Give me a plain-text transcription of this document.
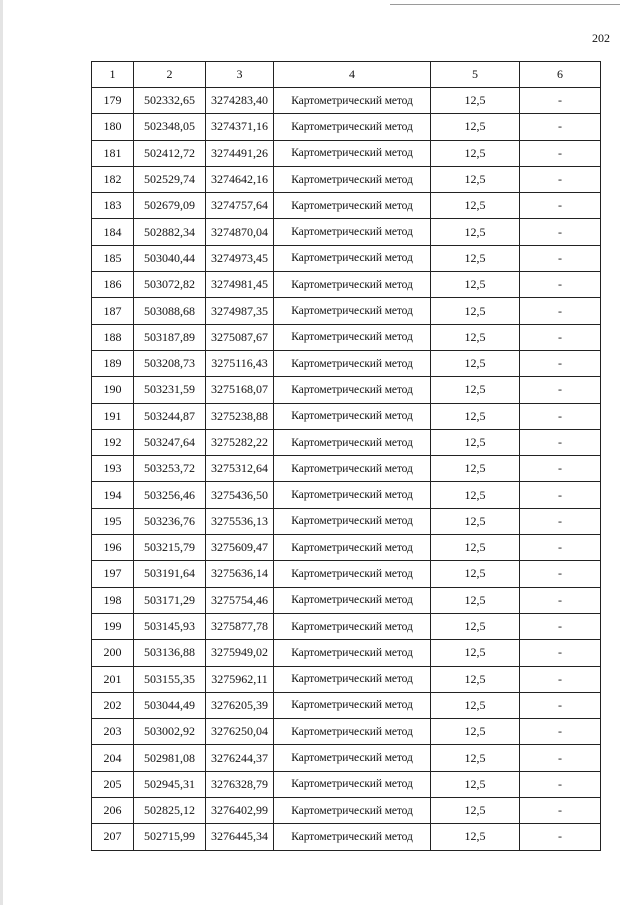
202
1	2	3	4	5	6
179	502332,65	3274283,40	Картометрический метод	12,5	-
180	502348,05	3274371,16	Картометрический метод	12,5	-
181	502412,72	3274491,26	Картометрический метод	12,5	-
182	502529,74	3274642,16	Картометрический метод	12,5	-
183	502679,09	3274757,64	Картометрический метод	12,5	-
184	502882,34	3274870,04	Картометрический метод	12,5	-
185	503040,44	3274973,45	Картометрический метод	12,5	-
186	503072,82	3274981,45	Картометрический метод	12,5	-
187	503088,68	3274987,35	Картометрический метод	12,5	-
188	503187,89	3275087,67	Картометрический метод	12,5	-
189	503208,73	3275116,43	Картометрический метод	12,5	-
190	503231,59	3275168,07	Картометрический метод	12,5	-
191	503244,87	3275238,88	Картометрический метод	12,5	-
192	503247,64	3275282,22	Картометрический метод	12,5	-
193	503253,72	3275312,64	Картометрический метод	12,5	-
194	503256,46	3275436,50	Картометрический метод	12,5	-
195	503236,76	3275536,13	Картометрический метод	12,5	-
196	503215,79	3275609,47	Картометрический метод	12,5	-
197	503191,64	3275636,14	Картометрический метод	12,5	-
198	503171,29	3275754,46	Картометрический метод	12,5	-
199	503145,93	3275877,78	Картометрический метод	12,5	-
200	503136,88	3275949,02	Картометрический метод	12,5	-
201	503155,35	3275962,11	Картометрический метод	12,5	-
202	503044,49	3276205,39	Картометрический метод	12,5	-
203	503002,92	3276250,04	Картометрический метод	12,5	-
204	502981,08	3276244,37	Картометрический метод	12,5	-
205	502945,31	3276328,79	Картометрический метод	12,5	-
206	502825,12	3276402,99	Картометрический метод	12,5	-
207	502715,99	3276445,34	Картометрический метод	12,5	-
